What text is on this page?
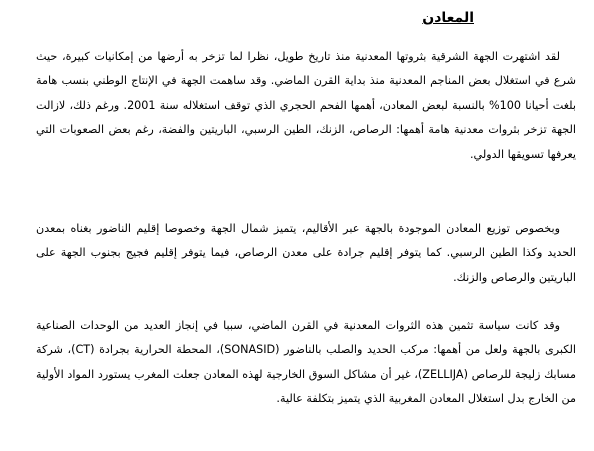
المعادن

لقد اشتهرت الجهة الشرقية بثروتها المعدنية منذ تاريخ طويل، نظرا لما تزخر به أرضها من إمكانيات كبيرة، حيث شرع في استغلال بعض المناجم المعدنية منذ بداية القرن الماضي. وقد ساهمت الجهة في الإنتاج الوطني بنسب هامة بلغت أحيانا 100% بالنسبة لبعض المعادن، أهمها الفحم الحجري الذي توقف استغلاله سنة 2001. ورغم ذلك، لازالت الجهة تزخر بثروات معدنية هامة أهمها: الرصاص، الزنك، الطين الرسبي، الباريتين والفضة، رغم بعض الصعوبات التي يعرفها تسويقها الدولي.

وبخصوص توزيع المعادن الموجودة بالجهة عبر الأقاليم، يتميز شمال الجهة وخصوصا إقليم الناضور بغناه بمعدن الحديد وكذا الطين الرسبي. كما يتوفر إقليم جرادة على معدن الرصاص، فيما يتوفر إقليم فجيج بجنوب الجهة على الباريتين والرصاص والزنك.

وقد كانت سياسة تثمين هذه الثروات المعدنية في القرن الماضي، سببا في إنجاز العديد من الوحدات الصناعية الكبرى بالجهة ولعل من أهمها: مركب الحديد والصلب بالناضور (SONASID)، المحطة الحرارية بجرادة (CT)، شركة مسابك زليجة للرصاص (ZELLIJA)، غير أن مشاكل السوق الخارجية لهذه المعادن جعلت المغرب يستورد المواد الأولية من الخارج بدل استغلال المعادن المغربية الذي يتميز بتكلفة عالية.
